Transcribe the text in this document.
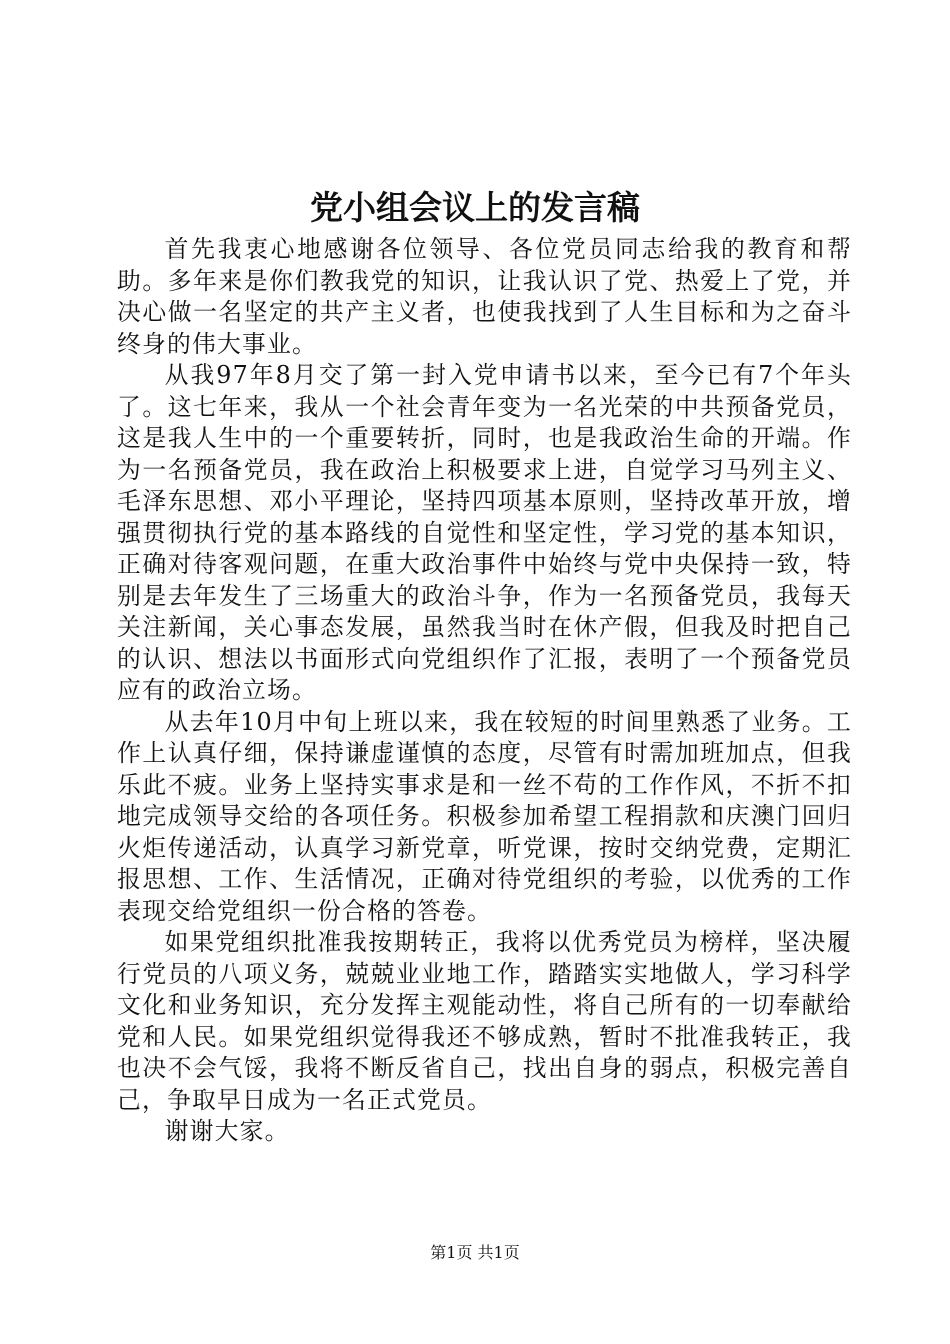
党小组会议上的发言稿

首先我衷心地感谢各位领导、各位党员同志给我的教育和帮助。多年来是你们教我党的知识，让我认识了党、热爱上了党，并决心做一名坚定的共产主义者，也使我找到了人生目标和为之奋斗终身的伟大事业。

从我97年8月交了第一封入党申请书以来，至今已有7个年头了。这七年来，我从一个社会青年变为一名光荣的中共预备党员，这是我人生中的一个重要转折，同时，也是我政治生命的开端。作为一名预备党员，我在政治上积极要求上进，自觉学习马列主义、毛泽东思想、邓小平理论，坚持四项基本原则，坚持改革开放，增强贯彻执行党的基本路线的自觉性和坚定性，学习党的基本知识，正确对待客观问题，在重大政治事件中始终与党中央保持一致，特别是去年发生了三场重大的政治斗争，作为一名预备党员，我每天关注新闻，关心事态发展，虽然我当时在休产假，但我及时把自己的认识、想法以书面形式向党组织作了汇报，表明了一个预备党员应有的政治立场。

从去年10月中旬上班以来，我在较短的时间里熟悉了业务。工作上认真仔细，保持谦虚谨慎的态度，尽管有时需加班加点，但我乐此不疲。业务上坚持实事求是和一丝不苟的工作作风，不折不扣地完成领导交给的各项任务。积极参加希望工程捐款和庆澳门回归火炬传递活动，认真学习新党章，听党课，按时交纳党费，定期汇报思想、工作、生活情况，正确对待党组织的考验，以优秀的工作表现交给党组织一份合格的答卷。

如果党组织批准我按期转正，我将以优秀党员为榜样，坚决履行党员的八项义务，兢兢业业地工作，踏踏实实地做人，学习科学文化和业务知识，充分发挥主观能动性，将自己所有的一切奉献给党和人民。如果党组织觉得我还不够成熟，暂时不批准我转正，我也决不会气馁，我将不断反省自己，找出自身的弱点，积极完善自己，争取早日成为一名正式党员。

谢谢大家。

第1页 共1页
